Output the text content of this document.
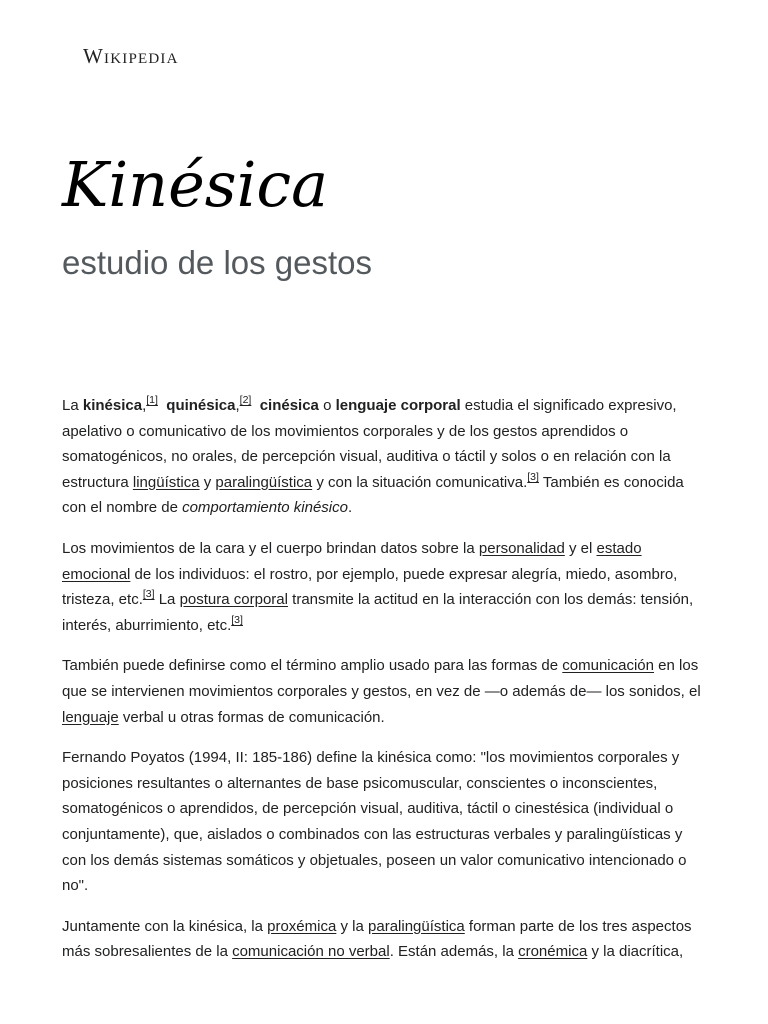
Wikipedia
Kinésica
estudio de los gestos

La kinésica,[1] quinésica,[2] cinésica o lenguaje corporal estudia el significado expresivo, apelativo o comunicativo de los movimientos corporales y de los gestos aprendidos o somatogénicos, no orales, de percepción visual, auditiva o táctil y solos o en relación con la estructura lingüística y paralingüística y con la situación comunicativa.[3] También es conocida con el nombre de comportamiento kinésico.

Los movimientos de la cara y el cuerpo brindan datos sobre la personalidad y el estado emocional de los individuos: el rostro, por ejemplo, puede expresar alegría, miedo, asombro, tristeza, etc.[3] La postura corporal transmite la actitud en la interacción con los demás: tensión, interés, aburrimiento, etc.[3]

También puede definirse como el término amplio usado para las formas de comunicación en los que se intervienen movimientos corporales y gestos, en vez de —o además de— los sonidos, el lenguaje verbal u otras formas de comunicación.

Fernando Poyatos (1994, II: 185-186) define la kinésica como: "los movimientos corporales y posiciones resultantes o alternantes de base psicomuscular, conscientes o inconscientes, somatogénicos o aprendidos, de percepción visual, auditiva, táctil o cinestésica (individual o conjuntamente), que, aislados o combinados con las estructuras verbales y paralingüísticas y con los demás sistemas somáticos y objetuales, poseen un valor comunicativo intencionado o no".

Juntamente con la kinésica, la proxémica y la paralingüística forman parte de los tres aspectos más sobresalientes de la comunicación no verbal. Están además, la cronémica y la diacrítica,
